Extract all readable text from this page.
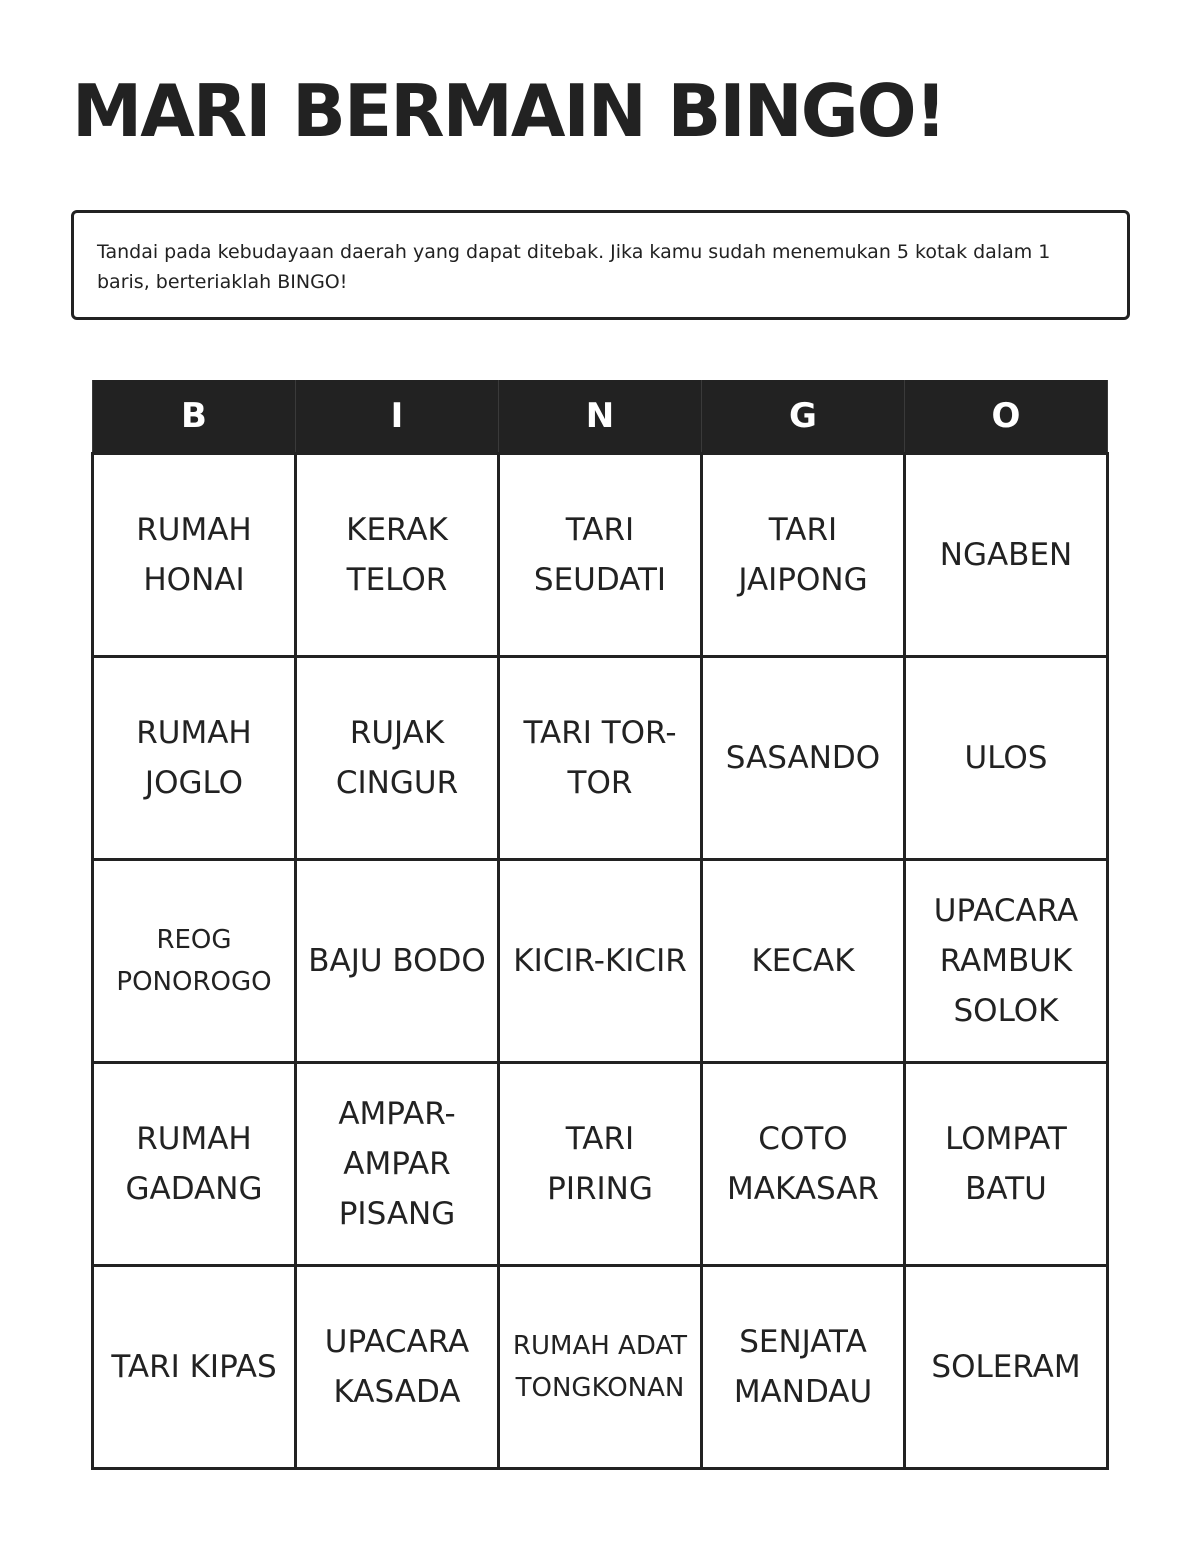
MARI BERMAIN BINGO!
Tandai pada kebudayaan daerah yang dapat ditebak. Jika kamu sudah menemukan 5 kotak dalam 1 baris, berteriaklah BINGO!
B	I	N	G	O
RUMAH HONAI	KERAK TELOR	TARI SEUDATI	TARI JAIPONG	NGABEN
RUMAH JOGLO	RUJAK CINGUR	TARI TOR-TOR	SASANDO	ULOS
REOG PONOROGO	BAJU BODO	KICIR-KICIR	KECAK	UPACARA RAMBUK SOLOK
RUMAH GADANG	AMPAR-AMPAR PISANG	TARI PIRING	COTO MAKASAR	LOMPAT BATU
TARI KIPAS	UPACARA KASADA	RUMAH ADAT TONGKONAN	SENJATA MANDAU	SOLERAM
